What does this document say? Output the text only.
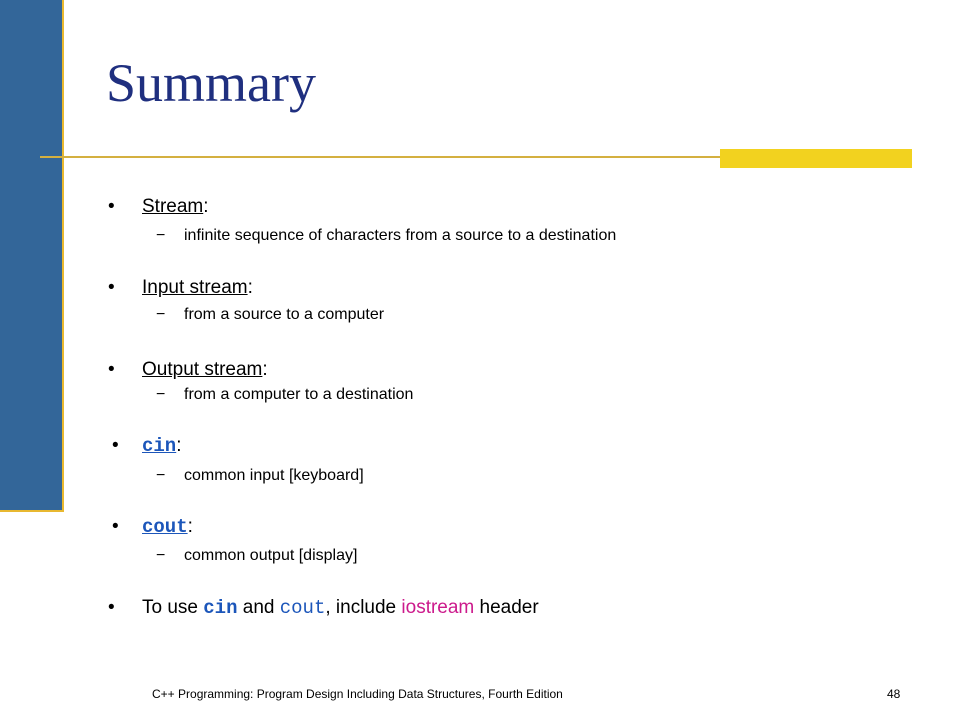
Summary
• Stream:
− infinite sequence of characters from a source to a destination
• Input stream:
− from a source to a computer
• Output stream:
− from a computer to a destination
• cin:
− common input [keyboard]
• cout:
− common output [display]
• To use cin and cout, include iostream header
C++ Programming: Program Design Including Data Structures, Fourth Edition	48
